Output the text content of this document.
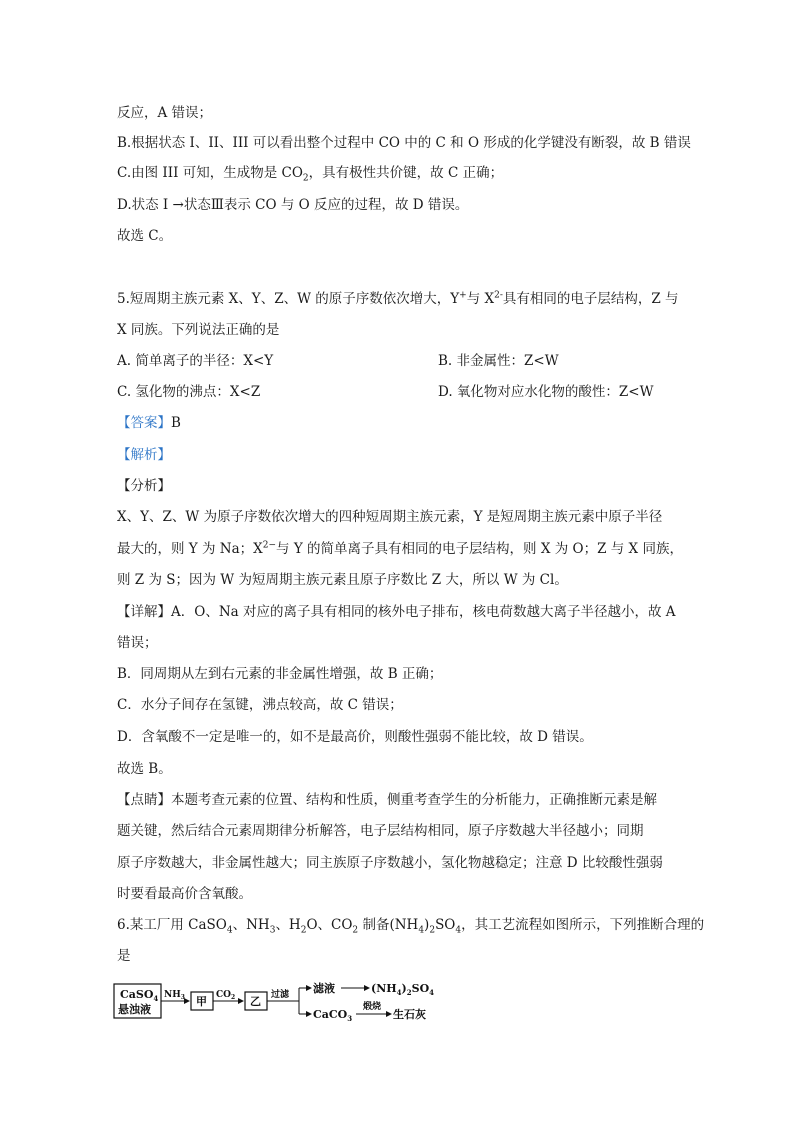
反应，A 错误；
B.根据状态 I、II、III 可以看出整个过程中 CO 中的 C 和 O 形成的化学键没有断裂，故 B 错误
C.由图 III 可知，生成物是 $CO_2$，具有极性共价键，故 C 正确；
D.状态 Ⅰ →状态Ⅲ表示 CO 与 O 反应的过程，故 D 错误。
故选 C。
5.短周期主族元素 X、Y、Z、W 的原子序数依次增大，Y+与 $X^{2-}$具有相同的电子层结构，Z 与
X 同族。下列说法正确的是
A. 简单离子的半径：X<Y	B. 非金属性：Z<W
C. 氢化物的沸点：X<Z	D. 氧化物对应水化物的酸性：Z<W
【答案】B
【解析】
【分析】
X、Y、Z、W 为原子序数依次增大的四种短周期主族元素，Y 是短周期主族元素中原子半径
最大的，则 Y 为 Na；$X^{2-}$与 Y 的简单离子具有相同的电子层结构，则 X 为 O；Z 与 X 同族，
则 Z 为 S；因为 W 为短周期主族元素且原子序数比 Z 大，所以 W 为 Cl。
【详解】A．O、Na 对应的离子具有相同的核外电子排布，核电荷数越大离子半径越小，故 A
错误；
B．同周期从左到右元素的非金属性增强，故 B 正确；
C．水分子间存在氢键，沸点较高，故 C 错误；
D．含氧酸不一定是唯一的，如不是最高价，则酸性强弱不能比较，故 D 错误。
故选 B。
【点睛】本题考查元素的位置、结构和性质，侧重考查学生的分析能力，正确推断元素是解
题关键，然后结合元素周期律分析解答，电子层结构相同，原子序数越大半径越小；同期
原子序数越大，非金属性越大；同主族原子序数越小，氢化物越稳定；注意 D 比较酸性强弱
时要看最高价含氧酸。
6.某工厂用 CaSO$_4$、$NH_3$、$H_2O$、$CO_2$ 制备$(NH_4)_2SO_4$，其工艺流程如图所示，下列推断合理的
是
CaSO$_4$
悬浊液
$NH_3$ 甲 $CO_2$ 乙 过滤 滤液	$(NH_4)_2SO_4$
CaCO$_3$
煅烧
生石灰
